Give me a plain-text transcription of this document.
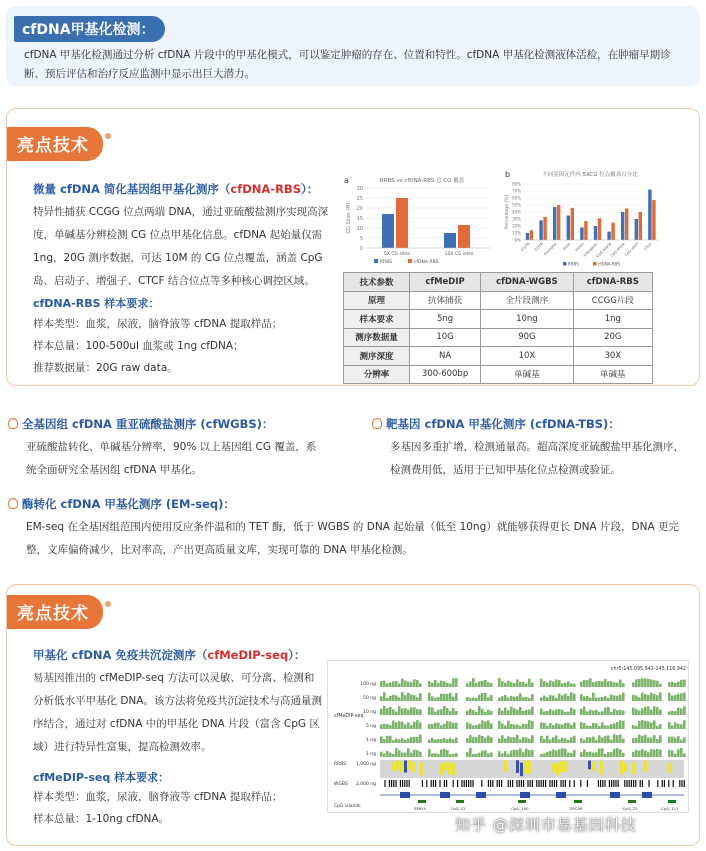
cfDNA甲基化检测：
cfDNA 甲基化检测通过分析 cfDNA 片段中的甲基化模式，可以鉴定肿瘤的存在、位置和特性。cfDNA 甲基化检测液体活检，在肿瘤早期诊断、预后评估和治疗反应监测中显示出巨大潜力。
亮点技术
微量 cfDNA 简化基因组甲基化测序（cfDNA-RBS）：
特异性捕获 CCGG 位点两端 DNA，通过亚硫酸盐测序实现高深度，单碱基分辨检测 CG 位点甲基化信息。cfDNA 起始量仅需 1ng，20G 测序数据，可达 10M 的 CG 位点覆盖，涵盖 CpG 岛、启动子、增强子、CTCF 结合位点等多种核心调控区域。
cfDNA-RBS 样本要求：
样本类型：血浆，尿液，脑脊液等 cfDNA 提取样品；
样本总量：100-500ul 血浆或 1ng cfDNA；
推荐数据量：20G raw data。
a	RRBS vs cfDNA-RBS 总 CG 覆盖
0
5
10
15
20
25
30
CG Sites (M)
5X CG sites	10X CG sites
RRBS	cfDNA-RBS
b	不同基因元件内 5XCG 位点覆盖百分比
0%
10%
20%
30%
40%
50%
60%
70%
80%
Percentage (%)
5'UTR 3'UTR Promoter Exon Intron
Intergenic
CpG island
CpG shore
CpG shelf CTCF
RRBS	cfDNA-RBS
技术参数	cfMeDIP	cfDNA-WGBS	cfDNA-RBS
原理	抗体捕获	全片段测序	CCGG片段
样本要求	5ng	10ng	1ng
测序数据量	10G	90G	20G
测序深度	NA	10X	30X
分辨率	300-600bp	单碱基	单碱基
全基因组 cfDNA 重亚硫酸盐测序 (cfWGBS)：
亚硫酸盐转化、单碱基分辨率，90% 以上基因组 CG 覆盖，系统全面研究全基因组 cfDNA 甲基化。
靶基因 cfDNA 甲基化测序 (cfDNA-TBS)：
多基因多重扩增，检测通量高。超高深度亚硫酸盐甲基化测序，检测费用低，适用于已知甲基化位点检测或验证。
酶转化 cfDNA 甲基化测序 (EM-seq)：
EM-seq 在全基因组范围内使用反应条件温和的 TET 酶，低于 WGBS 的 DNA 起始量（低至 10ng）就能够获得更长 DNA 片段，DNA 更完整，文库偏倚减少，比对率高，产出更高质量文库，实现可靠的 DNA 甲基化检测。
亮点技术
甲基化 cfDNA 免疫共沉淀测序（cfMeDIP-seq）：
易基因推出的 cfMeDIP-seq 方法可以灵敏、可分离、检测和分析低水平甲基化 DNA。该方法将免疫共沉淀技术与高通量测序结合，通过对 cfDNA 中的甲基化 DNA 片段（富含 CpG 区域）进行特异性富集，提高检测效率。
cfMeDIP-seq 样本要求：
样本类型：血浆，尿液，脑脊液等 cfDNA 提取样品；
样本总量：1-10ng cfDNA。
chr5:145,095,942-145,116,942
cfMeDIP-seq
100 ng
50 ng
10 ng
5 ng
1 ng
1 ng
RRBS 1,000 ng
WGBS 2,000 ng
CpG islands	SPRY4	CpG_22	CpG_100	GPCAR	CpG_22	CpG_117
知乎 @深圳市易基因科技
